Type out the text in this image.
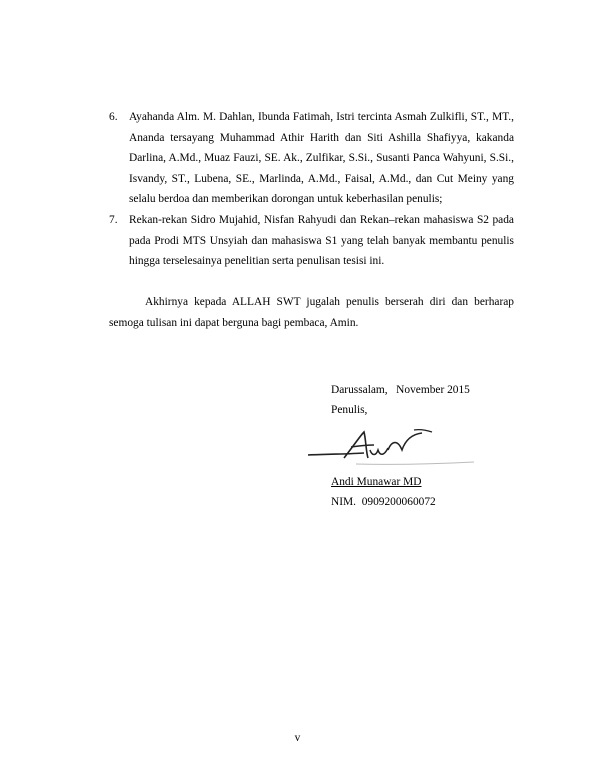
6. Ayahanda Alm. M. Dahlan, Ibunda Fatimah, Istri tercinta Asmah Zulkifli, ST., MT., Ananda tersayang Muhammad Athir Harith dan Siti Ashilla Shafiyya, kakanda Darlina, A.Md., Muaz Fauzi, SE. Ak., Zulfikar, S.Si., Susanti Panca Wahyuni, S.Si., Isvandy, ST., Lubena, SE., Marlinda, A.Md., Faisal, A.Md., dan Cut Meiny yang selalu berdoa dan memberikan dorongan untuk keberhasilan penulis;
7. Rekan-rekan Sidro Mujahid, Nisfan Rahyudi dan Rekan–rekan mahasiswa S2 pada pada Prodi MTS Unsyiah dan mahasiswa S1 yang telah banyak membantu penulis hingga terselesainya penelitian serta penulisan tesisi ini.

Akhirnya kepada ALLAH SWT jugalah penulis berserah diri dan berharap semoga tulisan ini dapat berguna bagi pembaca, Amin.

Darussalam,   November 2015
Penulis,
Andi Munawar MD
NIM.  0909200060072
v
